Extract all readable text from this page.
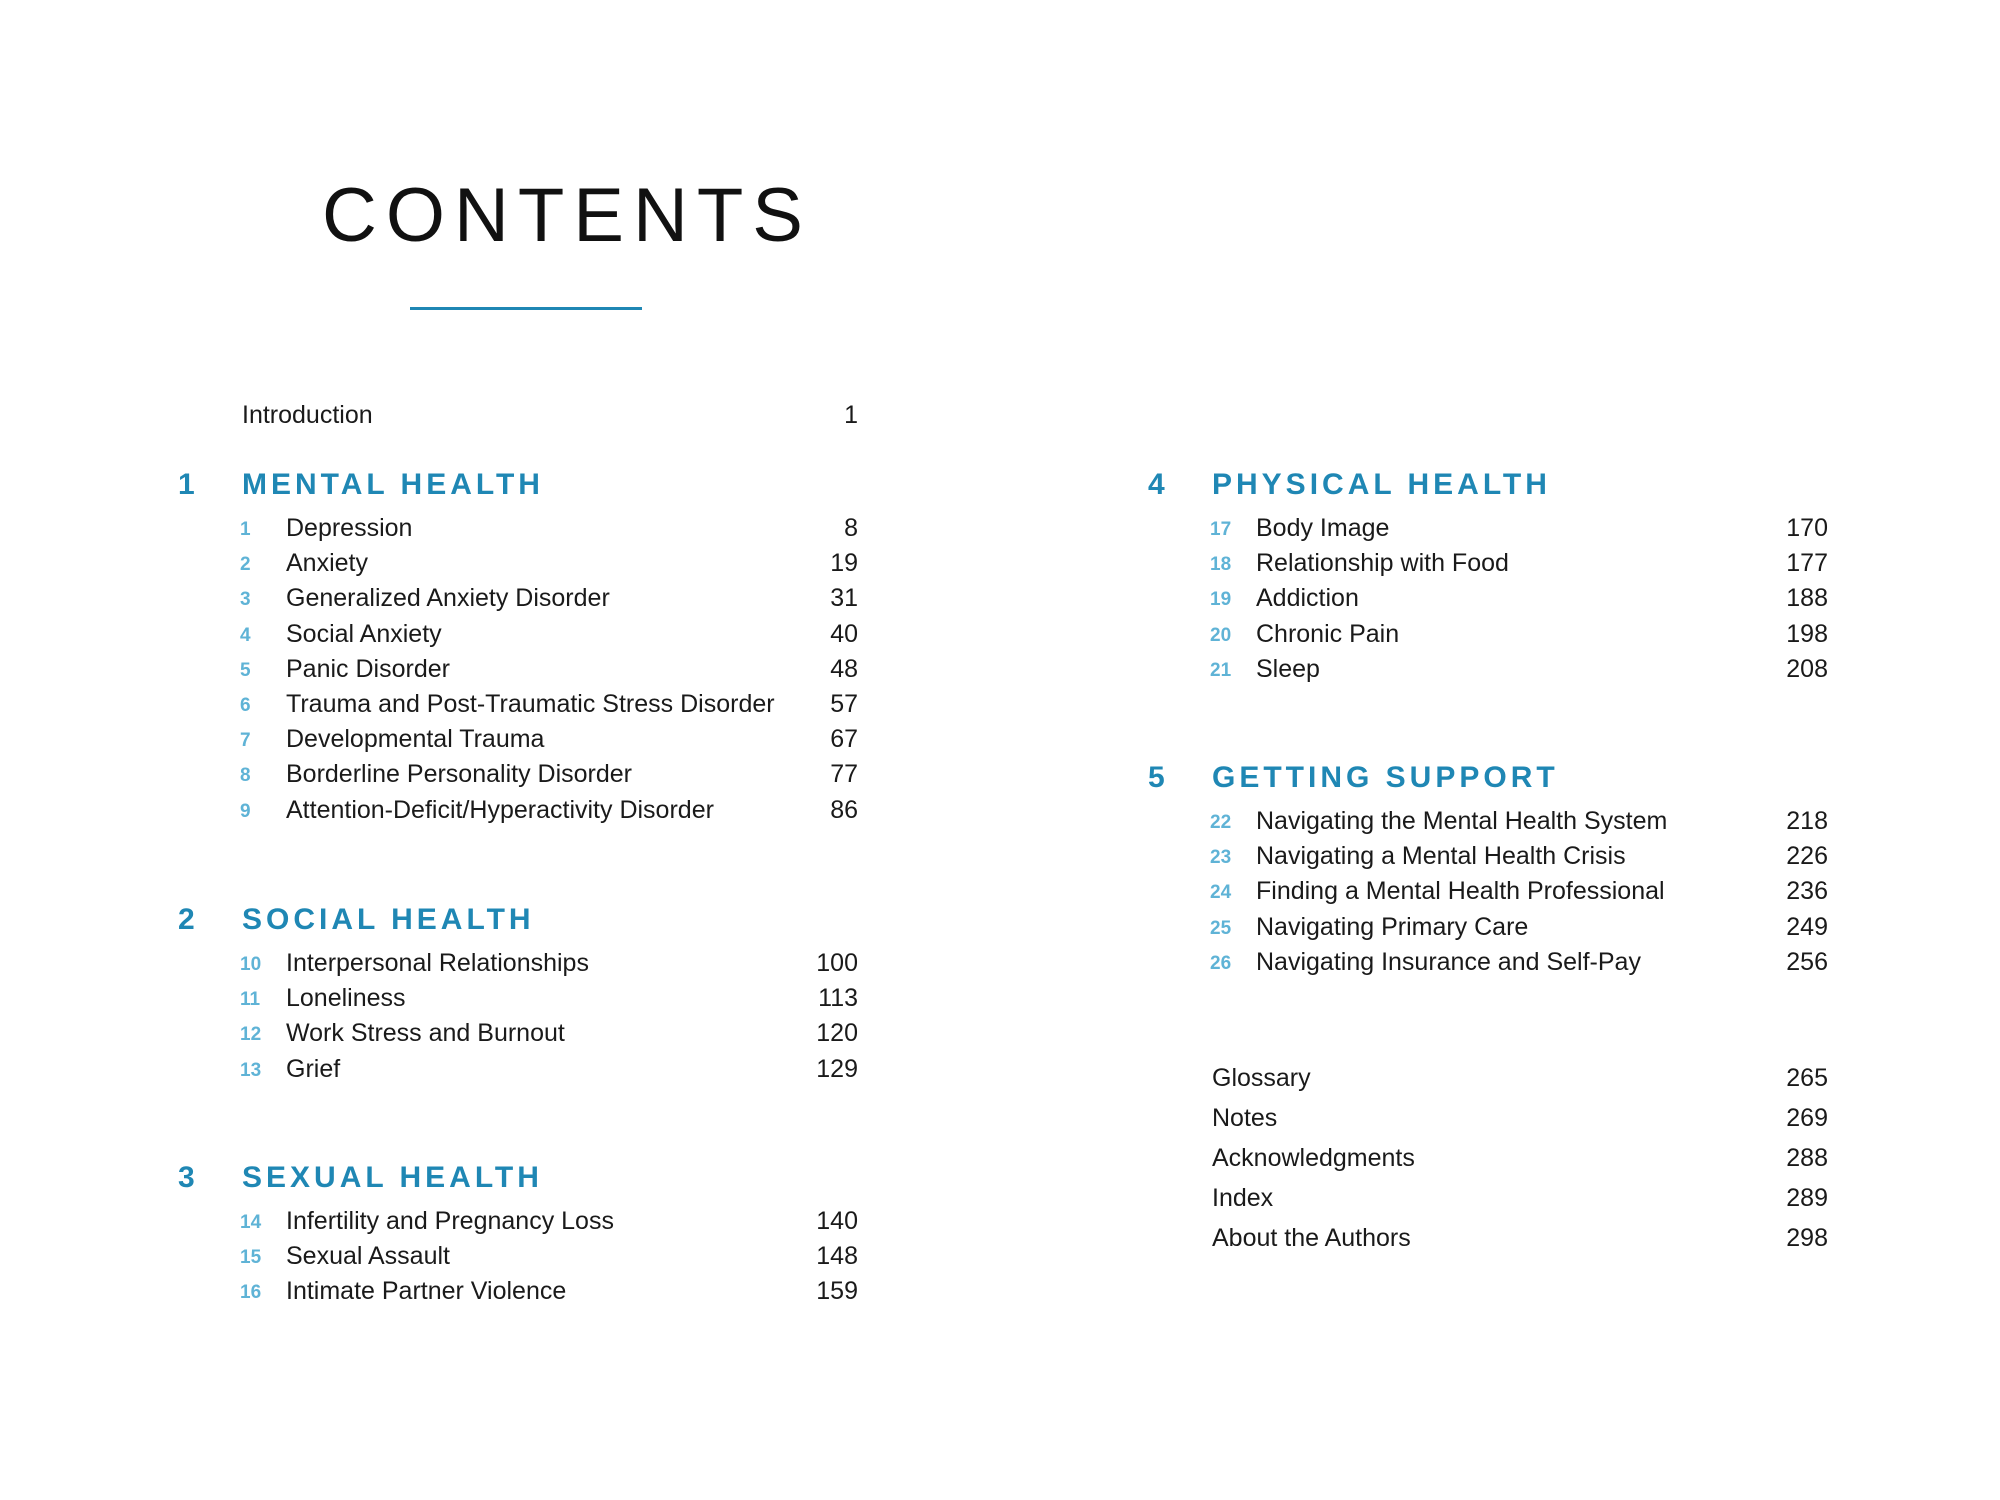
CONTENTS
Introduction	1
1 MENTAL HEALTH
1	Depression	8
2	Anxiety	19
3	Generalized Anxiety Disorder	31
4	Social Anxiety	40
5	Panic Disorder	48
6	Trauma and Post-Traumatic Stress Disorder 57
7	Developmental Trauma	67
8	Borderline Personality Disorder	77
9	Attention-Deficit/Hyperactivity Disorder	86
2 SOCIAL HEALTH
10 Interpersonal Relationships	100
11	Loneliness	113
12 Work Stress and Burnout	120
13 Grief	129
3 SEXUAL HEALTH
14 Infertility and Pregnancy Loss	140
15 Sexual Assault	148
16 Intimate Partner Violence	159
4 PHYSICAL HEALTH
17 Body Image	170
18 Relationship with Food	177
19 Addiction	188
20 Chronic Pain	198
21 Sleep	208
5 GETTING SUPPORT
22 Navigating the Mental Health System	218
23 Navigating a Mental Health Crisis	226
24 Finding a Mental Health Professional	236
25 Navigating Primary Care	249
26 Navigating Insurance and Self-Pay	256
Glossary	265
Notes	269
Acknowledgments	288
Index	289
About the Authors	298
